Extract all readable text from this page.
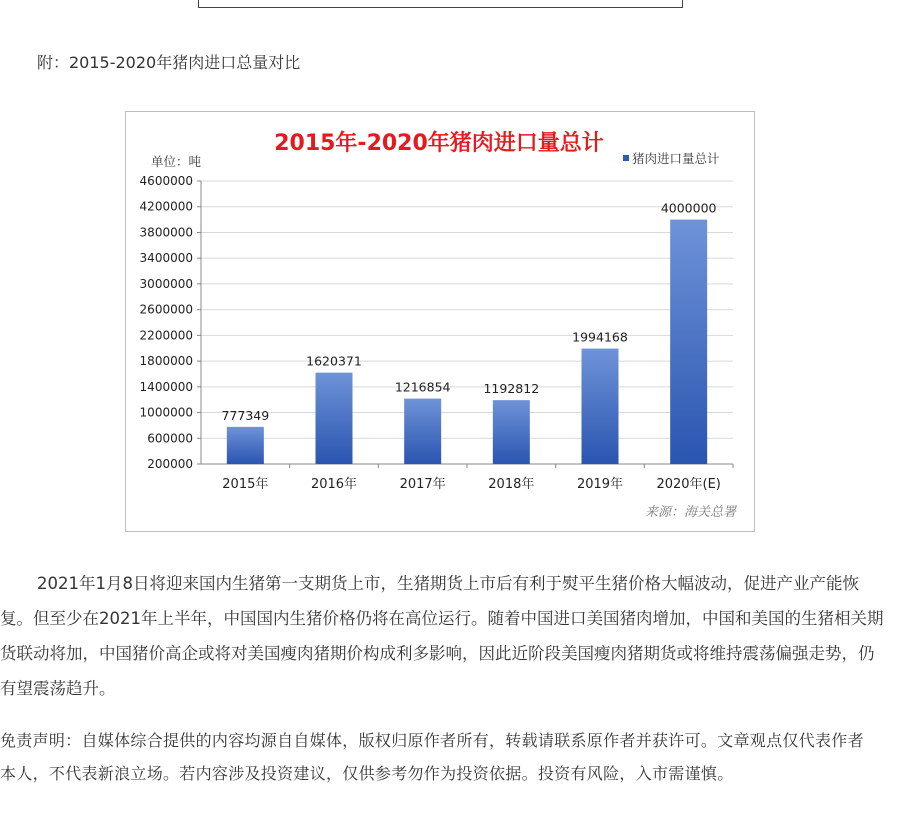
附：2015-2020年猪肉进口总量对比
2015年-2020年猪肉进口量总计
单位：吨	猪肉进口量总计
200000
600000
1000000
1400000
1800000
2200000
2600000
3000000
3400000
3800000
4200000
4600000
777349
2015年
1620371
2016年
1216854
2017年
1192812
2018年
1994168
2019年
4000000
2020年(E)
来源：海关总署

2021年1月8日将迎来国内生猪第一支期货上市，生猪期货上市后有利于熨平生猪价格大幅波动，促进产业产能恢复。但至少在2021年上半年，中国国内生猪价格仍将在高位运行。随着中国进口美国猪肉增加，中国和美国的生猪相关期货联动将加，中国猪价高企或将对美国瘦肉猪期价构成利多影响，因此近阶段美国瘦肉猪期货或将维持震荡偏强走势，仍有望震荡趋升。

免责声明：自媒体综合提供的内容均源自自媒体，版权归原作者所有，转载请联系原作者并获许可。文章观点仅代表作者本人，不代表新浪立场。若内容涉及投资建议，仅供参考勿作为投资依据。投资有风险，入市需谨慎。
